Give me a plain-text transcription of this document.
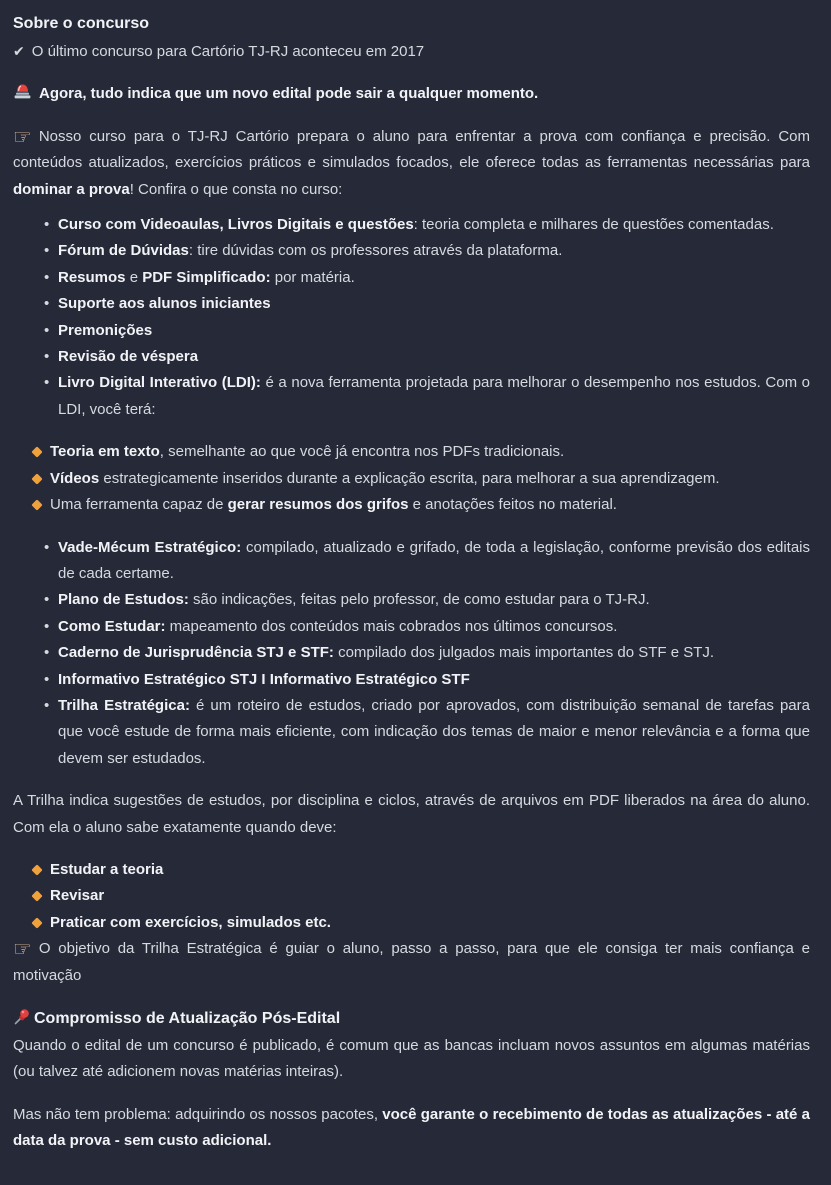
Sobre o concurso
✔ O último concurso para Cartório TJ-RJ aconteceu em 2017
Agora, tudo indica que um novo edital pode sair a qualquer momento.
☞ Nosso curso para o TJ-RJ Cartório prepara o aluno para enfrentar a prova com confiança e precisão. Com conteúdos atualizados, exercícios práticos e simulados focados, ele oferece todas as ferramentas necessárias para dominar a prova! Confira o que consta no curso:
• Curso com Videoaulas, Livros Digitais e questões: teoria completa e milhares de questões comentadas.
• Fórum de Dúvidas: tire dúvidas com os professores através da plataforma.
• Resumos e PDF Simplificado: por matéria.
• Suporte aos alunos iniciantes
• Premonições
• Revisão de véspera
• Livro Digital Interativo (LDI): é a nova ferramenta projetada para melhorar o desempenho nos estudos. Com o LDI, você terá:
Teoria em texto, semelhante ao que você já encontra nos PDFs tradicionais.
Vídeos estrategicamente inseridos durante a explicação escrita, para melhorar a sua aprendizagem.
Uma ferramenta capaz de gerar resumos dos grifos e anotações feitos no material.
• Vade-Mécum Estratégico: compilado, atualizado e grifado, de toda a legislação, conforme previsão dos editais de cada certame.
• Plano de Estudos: são indicações, feitas pelo professor, de como estudar para o TJ-RJ.
• Como Estudar: mapeamento dos conteúdos mais cobrados nos últimos concursos.
• Caderno de Jurisprudência STJ e STF: compilado dos julgados mais importantes do STF e STJ.
• Informativo Estratégico STJ I Informativo Estratégico STF
• Trilha Estratégica: é um roteiro de estudos, criado por aprovados, com distribuição semanal de tarefas para que você estude de forma mais eficiente, com indicação dos temas de maior e menor relevância e a forma que devem ser estudados.
A Trilha indica sugestões de estudos, por disciplina e ciclos, através de arquivos em PDF liberados na área do aluno. Com ela o aluno sabe exatamente quando deve:
Estudar a teoria
Revisar
Praticar com exercícios, simulados etc.
☞ O objetivo da Trilha Estratégica é guiar o aluno, passo a passo, para que ele consiga ter mais confiança e motivação
Compromisso de Atualização Pós-Edital
Quando o edital de um concurso é publicado, é comum que as bancas incluam novos assuntos em algumas matérias (ou talvez até adicionem novas matérias inteiras).
Mas não tem problema: adquirindo os nossos pacotes, você garante o recebimento de todas as atualizações - até a data da prova - sem custo adicional.
